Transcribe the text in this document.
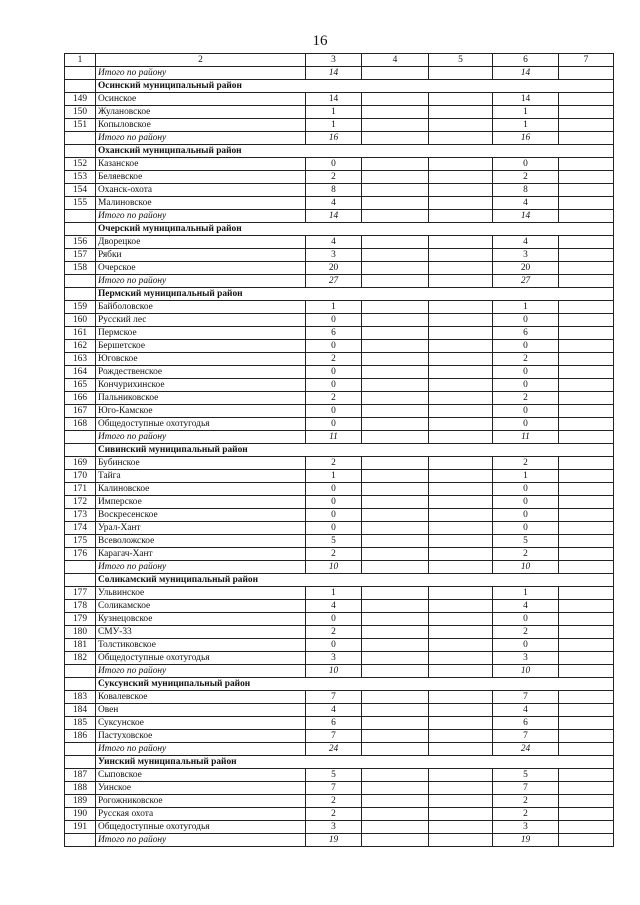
16
1	2	3	4	5	6	7
	Итого по району	14			14	
	Осинский муниципальный район					
149	Осинское	14			14	
150	Жулановское	1			1	
151	Копыловское	1			1	
	Итого по району	16			16	
	Оханский муниципальный район					
152	Казанское	0			0	
153	Беляевское	2			2	
154	Оханск-охота	8			8	
155	Малиновское	4			4	
	Итого по району	14			14	
	Очерский муниципальный район					
156	Дворецкое	4			4	
157	Рябки	3			3	
158	Очерское	20			20	
	Итого по району	27			27	
	Пермский муниципальный район					
159	Байболовское	1			1	
160	Русский лес	0			0	
161	Пермское	6			6	
162	Бершетское	0			0	
163	Юговское	2			2	
164	Рождественское	0			0	
165	Кончурихинское	0			0	
166	Пальниковское	2			2	
167	Юго-Камское	0			0	
168	Общедоступные охотугодья	0			0	
	Итого по району	11			11	
	Сивинский муниципальный район					
169	Бубинское	2			2	
170	Тайга	1			1	
171	Калиновское	0			0	
172	Имперское	0			0	
173	Воскресенское	0			0	
174	Урал-Хант	0			0	
175	Всеволожское	5			5	
176	Карагач-Хант	2			2	
	Итого по району	10			10	
	Соликамский муниципальный район					
177	Ульвинское	1			1	
178	Соликамское	4			4	
179	Кузнецовское	0			0	
180	СМУ-33	2			2	
181	Толстиковское	0			0	
182	Общедоступные охотугодья	3			3	
	Итого по району	10			10	
	Суксунский муниципальный район					
183	Ковалевское	7			7	
184	Овен	4			4	
185	Суксунское	6			6	
186	Пастуховское	7			7	
	Итого по району	24			24	
	Уинский муниципальный район					
187	Сыповское	5			5	
188	Уинское	7			7	
189	Рогожниковское	2			2	
190	Русская охота	2			2	
191	Общедоступные охотугодья	3			3	
	Итого по району	19			19	
